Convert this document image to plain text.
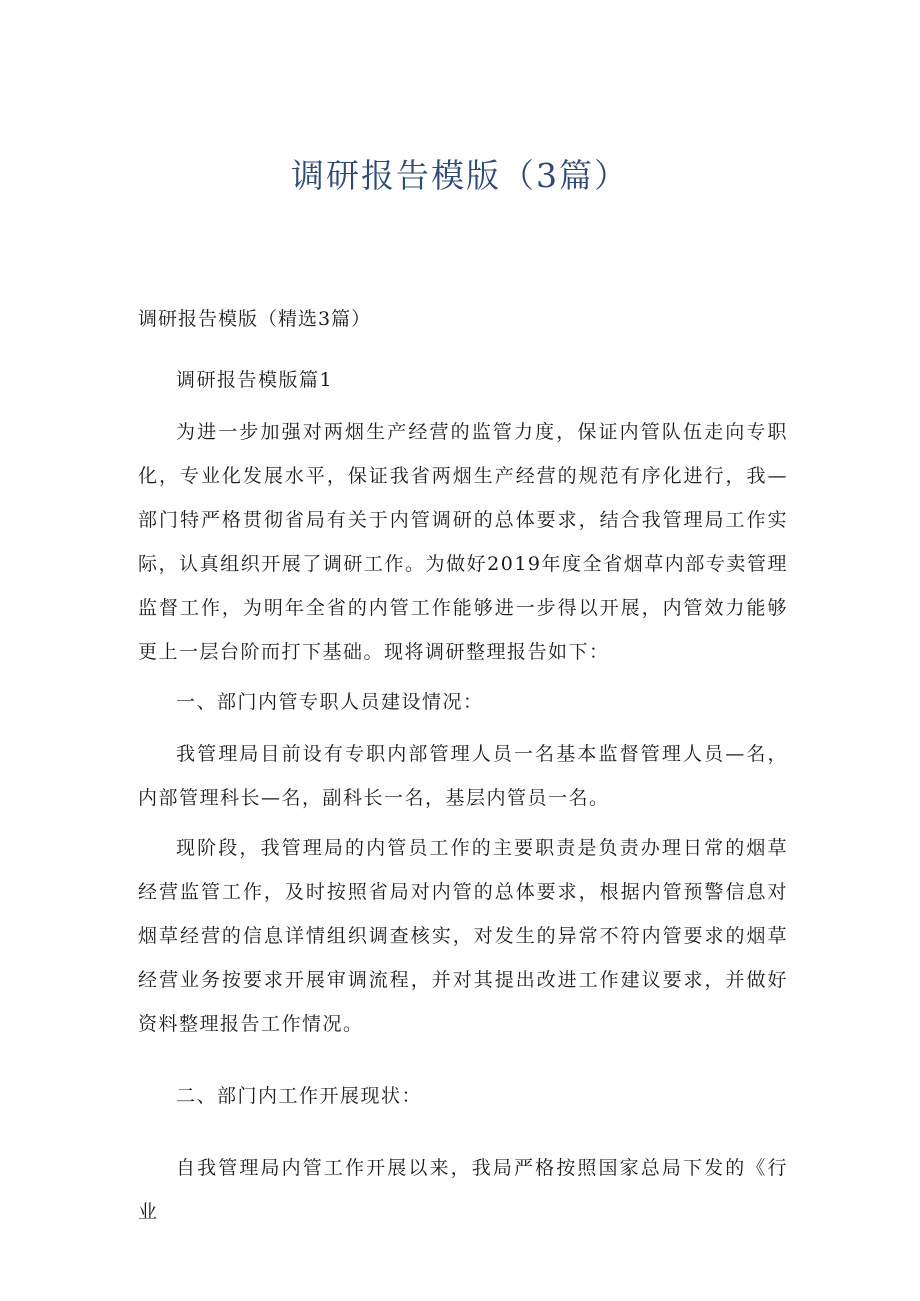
调研报告模版（3篇）

调研报告模版（精选3篇）

调研报告模版篇1

为进一步加强对两烟生产经营的监管力度，保证内管队伍走向专职化，专业化发展水平，保证我省两烟生产经营的规范有序化进行，我—部门特严格贯彻省局有关于内管调研的总体要求，结合我管理局工作实际，认真组织开展了调研工作。为做好2019年度全省烟草内部专卖管理监督工作，为明年全省的内管工作能够进一步得以开展，内管效力能够更上一层台阶而打下基础。现将调研整理报告如下：

一、部门内管专职人员建设情况：

我管理局目前设有专职内部管理人员一名基本监督管理人员—名，内部管理科长—名，副科长一名，基层内管员一名。

现阶段，我管理局的内管员工作的主要职责是负责办理日常的烟草经营监管工作，及时按照省局对内管的总体要求，根据内管预警信息对烟草经营的信息详情组织调查核实，对发生的异常不符内管要求的烟草经营业务按要求开展审调流程，并对其提出改进工作建议要求，并做好资料整理报告工作情况。

二、部门内工作开展现状：

自我管理局内管工作开展以来，我局严格按照国家总局下发的《行业
